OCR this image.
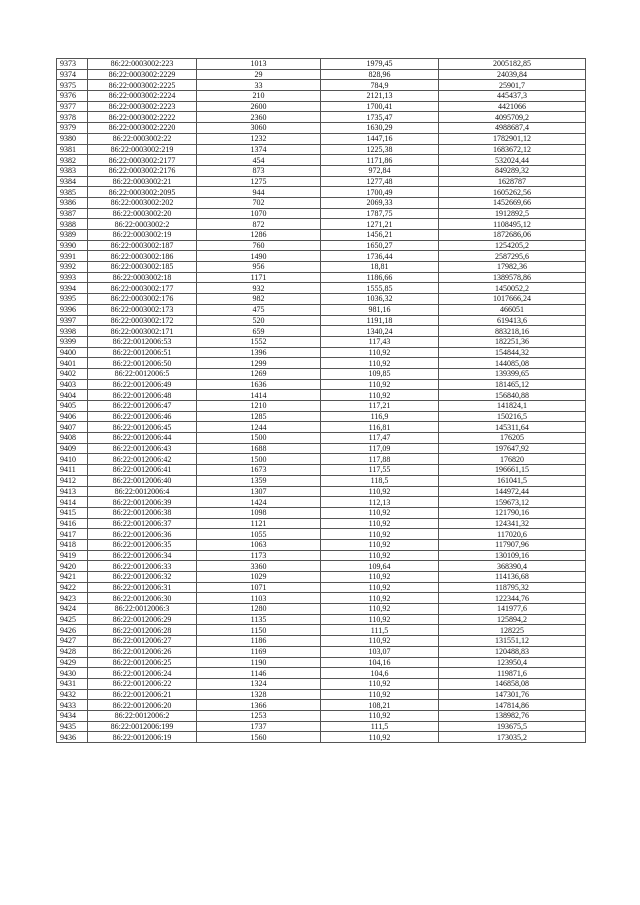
9373	86:22:0003002:223	1013	1979,45	2005182,85
9374	86:22:0003002:2229	29	828,96	24039,84
9375	86:22:0003002:2225	33	784,9	25901,7
9376	86:22:0003002:2224	210	2121,13	445437,3
9377	86:22:0003002:2223	2600	1700,41	4421066
9378	86:22:0003002:2222	2360	1735,47	4095709,2
9379	86:22:0003002:2220	3060	1630,29	4988687,4
9380	86:22:0003002:22	1232	1447,16	1782901,12
9381	86:22:0003002:219	1374	1225,38	1683672,12
9382	86:22:0003002:2177	454	1171,86	532024,44
9383	86:22:0003002:2176	873	972,84	849289,32
9384	86:22:0003002:21	1275	1277,48	1628787
9385	86:22:0003002:2095	944	1700,49	1605262,56
9386	86:22:0003002:202	702	2069,33	1452669,66
9387	86:22:0003002:20	1070	1787,75	1912892,5
9388	86:22:0003002:2	872	1271,21	1108495,12
9389	86:22:0003002:19	1286	1456,21	1872686,06
9390	86:22:0003002:187	760	1650,27	1254205,2
9391	86:22:0003002:186	1490	1736,44	2587295,6
9392	86:22:0003002:185	956	18,81	17982,36
9393	86:22:0003002:18	1171	1186,66	1389578,86
9394	86:22:0003002:177	932	1555,85	1450052,2
9395	86:22:0003002:176	982	1036,32	1017666,24
9396	86:22:0003002:173	475	981,16	466051
9397	86:22:0003002:172	520	1191,18	619413,6
9398	86:22:0003002:171	659	1340,24	883218,16
9399	86:22:0012006:53	1552	117,43	182251,36
9400	86:22:0012006:51	1396	110,92	154844,32
9401	86:22:0012006:50	1299	110,92	144085,08
9402	86:22:0012006:5	1269	109,85	139399,65
9403	86:22:0012006:49	1636	110,92	181465,12
9404	86:22:0012006:48	1414	110,92	156840,88
9405	86:22:0012006:47	1210	117,21	141824,1
9406	86:22:0012006:46	1285	116,9	150216,5
9407	86:22:0012006:45	1244	116,81	145311,64
9408	86:22:0012006:44	1500	117,47	176205
9409	86:22:0012006:43	1688	117,09	197647,92
9410	86:22:0012006:42	1500	117,88	176820
9411	86:22:0012006:41	1673	117,55	196661,15
9412	86:22:0012006:40	1359	118,5	161041,5
9413	86:22:0012006:4	1307	110,92	144972,44
9414	86:22:0012006:39	1424	112,13	159673,12
9415	86:22:0012006:38	1098	110,92	121790,16
9416	86:22:0012006:37	1121	110,92	124341,32
9417	86:22:0012006:36	1055	110,92	117020,6
9418	86:22:0012006:35	1063	110,92	117907,96
9419	86:22:0012006:34	1173	110,92	130109,16
9420	86:22:0012006:33	3360	109,64	368390,4
9421	86:22:0012006:32	1029	110,92	114136,68
9422	86:22:0012006:31	1071	110,92	118795,32
9423	86:22:0012006:30	1103	110,92	122344,76
9424	86:22:0012006:3	1280	110,92	141977,6
9425	86:22:0012006:29	1135	110,92	125894,2
9426	86:22:0012006:28	1150	111,5	128225
9427	86:22:0012006:27	1186	110,92	131551,12
9428	86:22:0012006:26	1169	103,07	120488,83
9429	86:22:0012006:25	1190	104,16	123950,4
9430	86:22:0012006:24	1146	104,6	119871,6
9431	86:22:0012006:22	1324	110,92	146858,08
9432	86:22:0012006:21	1328	110,92	147301,76
9433	86:22:0012006:20	1366	108,21	147814,86
9434	86:22:0012006:2	1253	110,92	138982,76
9435	86:22:0012006:199	1737	111,5	193675,5
9436	86:22:0012006:19	1560	110,92	173035,2
